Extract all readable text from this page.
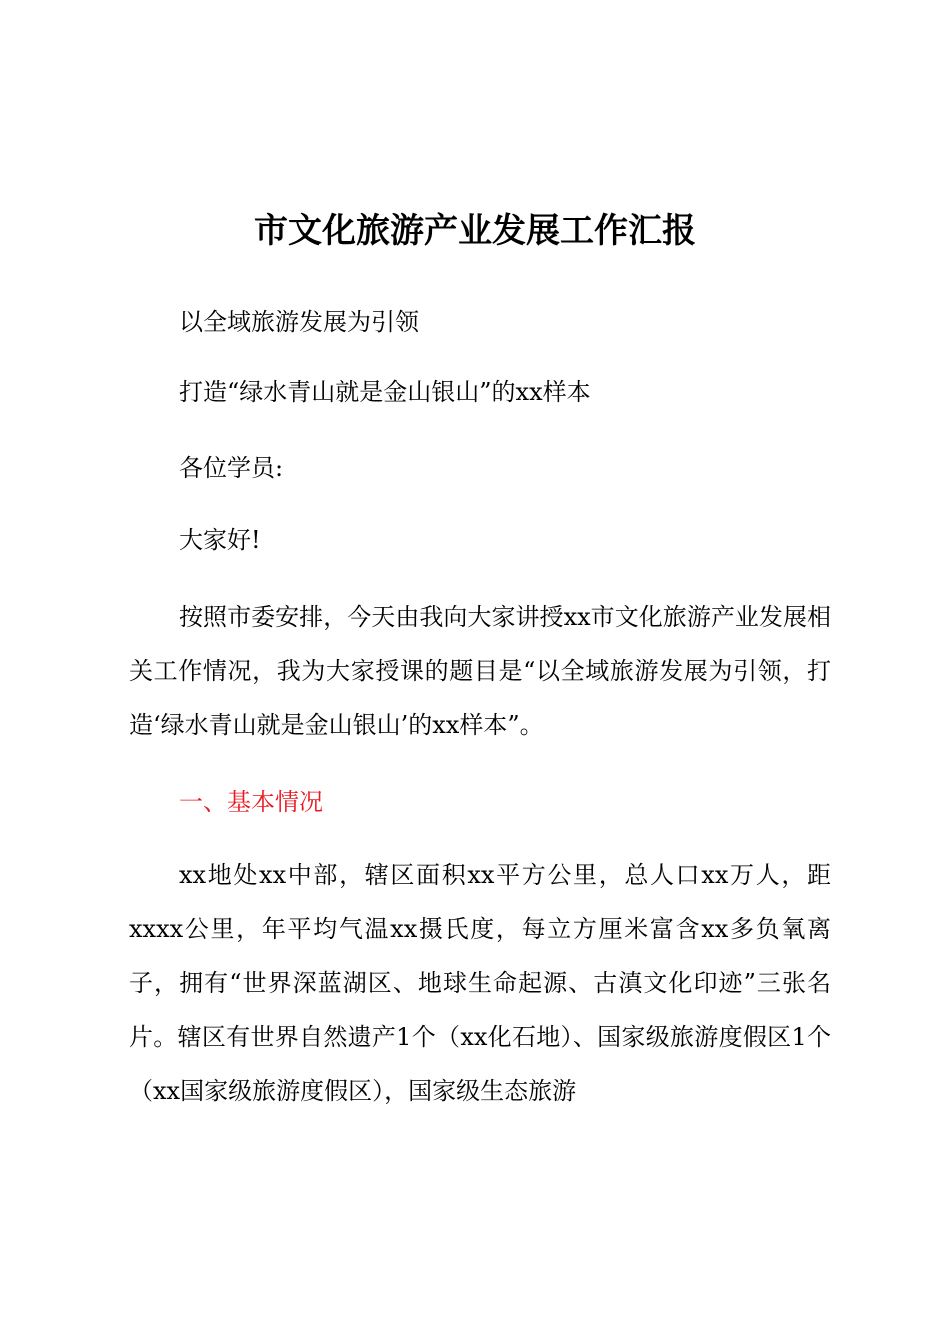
市文化旅游产业发展工作汇报
以全域旅游发展为引领
打造“绿水青山就是金山银山”的xx样本
各位学员:
大家好!
按照市委安排，今天由我向大家讲授xx市文化旅游产业发展相关工作情况，我为大家授课的题目是“以全域旅游发展为引领，打造‘绿水青山就是金山银山’的xx样本”。
一、基本情况
xx地处xx中部，辖区面积xx平方公里，总人口xx万人，距xxxx公里，年平均气温xx摄氏度，每立方厘米富含xx多负氧离子，拥有“世界深蓝湖区、地球生命起源、古滇文化印迹”三张名片。辖区有世界自然遗产1个（xx化石地）、国家级旅游度假区1个（xx国家级旅游度假区），国家级生态旅游
